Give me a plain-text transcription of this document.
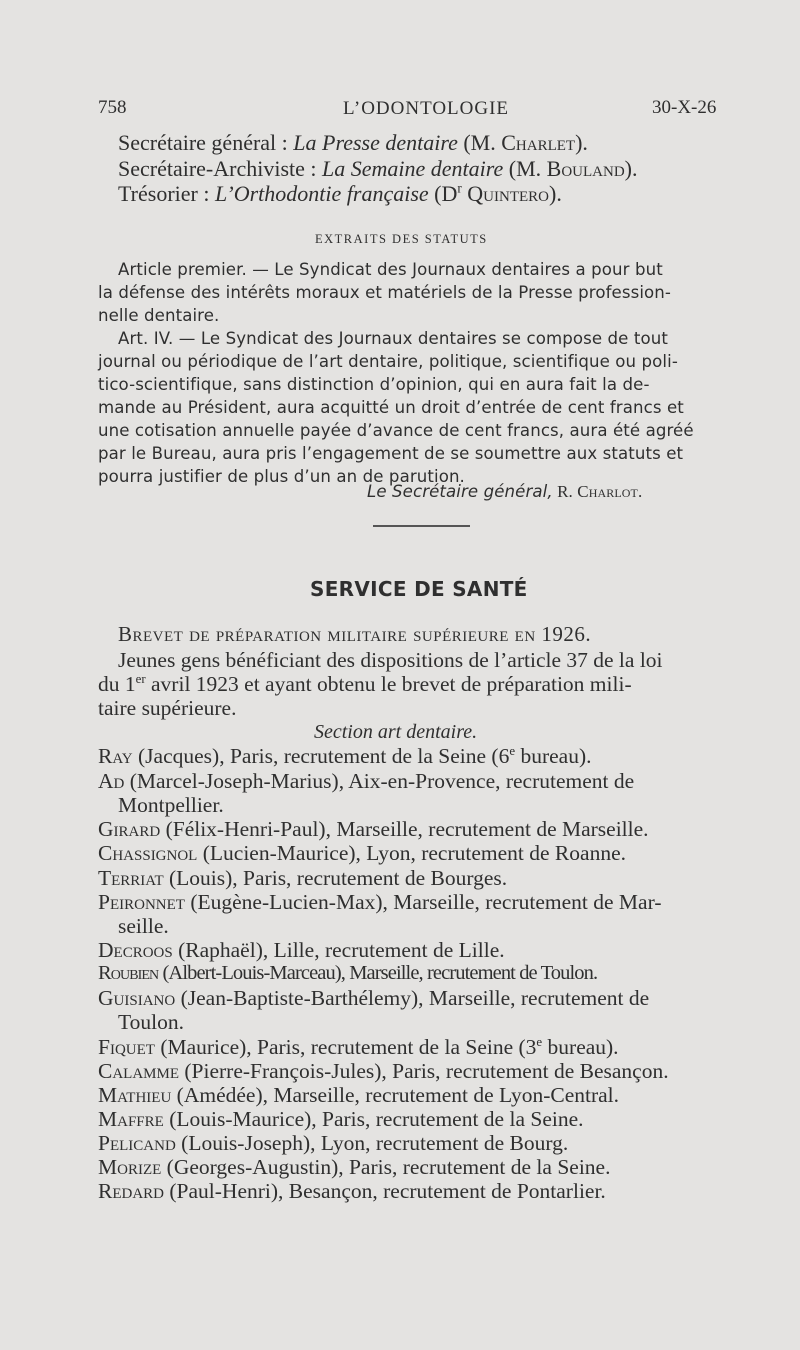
758	L’ODONTOLOGIE	30-X-26
Secrétaire général : La Presse dentaire (M. Charlet).
Secrétaire-Archiviste : La Semaine dentaire (M. Bouland).
Trésorier : L’Orthodontie française ($D^r$ Quintero).
EXTRAITS DES STATUTS
Article premier. — Le Syndicat des Journaux dentaires a pour but
la défense des intérêts moraux et matériels de la Presse profession-
nelle dentaire.
Art. IV. — Le Syndicat des Journaux dentaires se compose de tout
journal ou périodique de l’art dentaire, politique, scientifique ou poli-
tico-scientifique, sans distinction d’opinion, qui en aura fait la de-
mande au Président, aura acquitté un droit d’entrée de cent francs et
une cotisation annuelle payée d’avance de cent francs, aura été agréé
par le Bureau, aura pris l’engagement de se soumettre aux statuts et
pourra justifier de plus d’un an de parution.
Le Secrétaire général, R. Charlot.
SERVICE DE SANTÉ
Brevet de préparation militaire supérieure en 1926.
Jeunes gens bénéficiant des dispositions de l’article 37 de la loi
du 1er avril 1923 et ayant obtenu le brevet de préparation mili-
taire supérieure.
Section art dentaire.
Ray (Jacques), Paris, recrutement de la Seine (6e bureau).
Ad (Marcel-Joseph-Marius), Aix-en-Provence, recrutement de
Montpellier.
Girard (Félix-Henri-Paul), Marseille, recrutement de Marseille.
Chassignol (Lucien-Maurice), Lyon, recrutement de Roanne.
Terriat (Louis), Paris, recrutement de Bourges.
Peironnet (Eugène-Lucien-Max), Marseille, recrutement de Mar-
seille.
Decroos (Raphaël), Lille, recrutement de Lille.
Roubien (Albert-Louis-Marceau), Marseille, recrutement de Toulon.
Guisiano (Jean-Baptiste-Barthélemy), Marseille, recrutement de
Toulon.
Fiquet (Maurice), Paris, recrutement de la Seine (3e bureau).
Calamme (Pierre-François-Jules), Paris, recrutement de Besançon.
Mathieu (Amédée), Marseille, recrutement de Lyon-Central.
Maffre (Louis-Maurice), Paris, recrutement de la Seine.
Pelicand (Louis-Joseph), Lyon, recrutement de Bourg.
Morize (Georges-Augustin), Paris, recrutement de la Seine.
Redard (Paul-Henri), Besançon, recrutement de Pontarlier.
